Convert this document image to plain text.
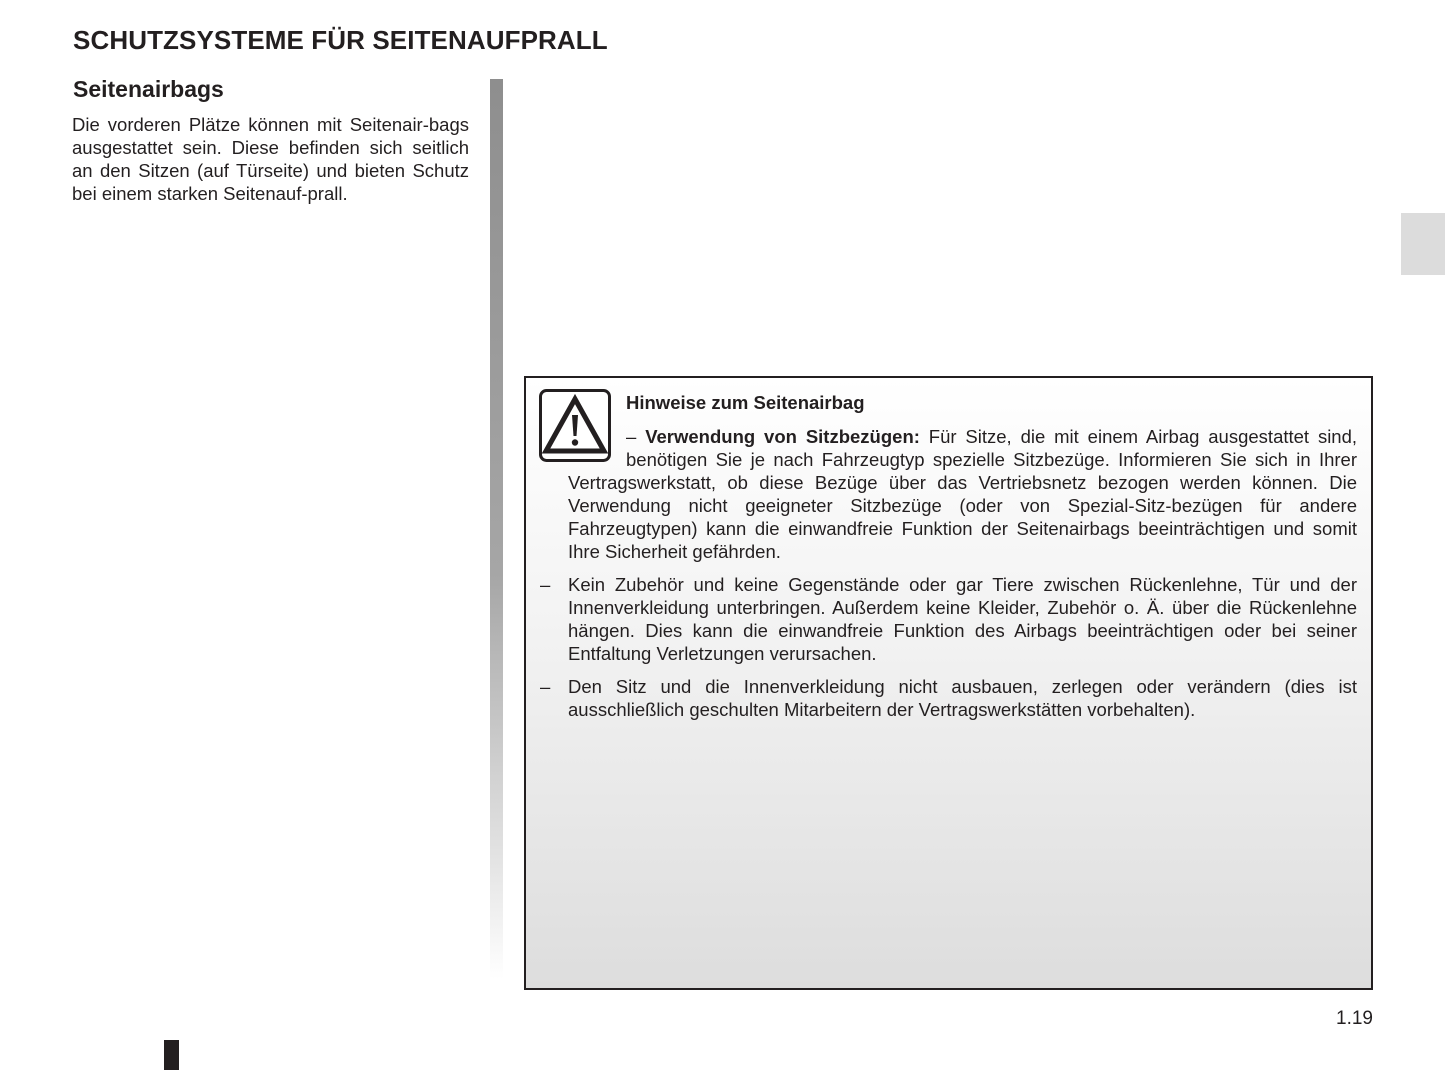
SCHUTZSYSTEME FÜR SEITENAUFPRALL
Seitenairbags

Die vorderen Plätze können mit Seitenair-bags ausgestattet sein. Diese befinden sich seitlich an den Sitzen (auf Türseite) und bieten Schutz bei einem starken Seitenauf-prall.

Hinweise zum Seitenairbag

– Verwendung von Sitzbezügen: Für Sitze, die mit einem Airbag ausgestattet sind, benötigen Sie je nach Fahrzeugtyp spezielle Sitzbezüge. Informieren Sie sich in Ihrer Vertragswerkstatt, ob diese Bezüge über das Vertriebsnetz bezogen werden können. Die Verwendung nicht geeigneter Sitzbezüge (oder von Spezial-Sitz-bezügen für andere Fahrzeugtypen) kann die einwandfreie Funktion der Seitenairbags beeinträchtigen und somit Ihre Sicherheit gefährden.

– Kein Zubehör und keine Gegenstände oder gar Tiere zwischen Rückenlehne, Tür und der Innenverkleidung unterbringen. Außerdem keine Kleider, Zubehör o. Ä. über die Rückenlehne hängen. Dies kann die einwandfreie Funktion des Airbags beeinträchtigen oder bei seiner Entfaltung Verletzungen verursachen.
– Den Sitz und die Innenverkleidung nicht ausbauen, zerlegen oder verändern (dies ist ausschließlich geschulten Mitarbeitern der Vertragswerkstätten vorbehalten).
1.19
